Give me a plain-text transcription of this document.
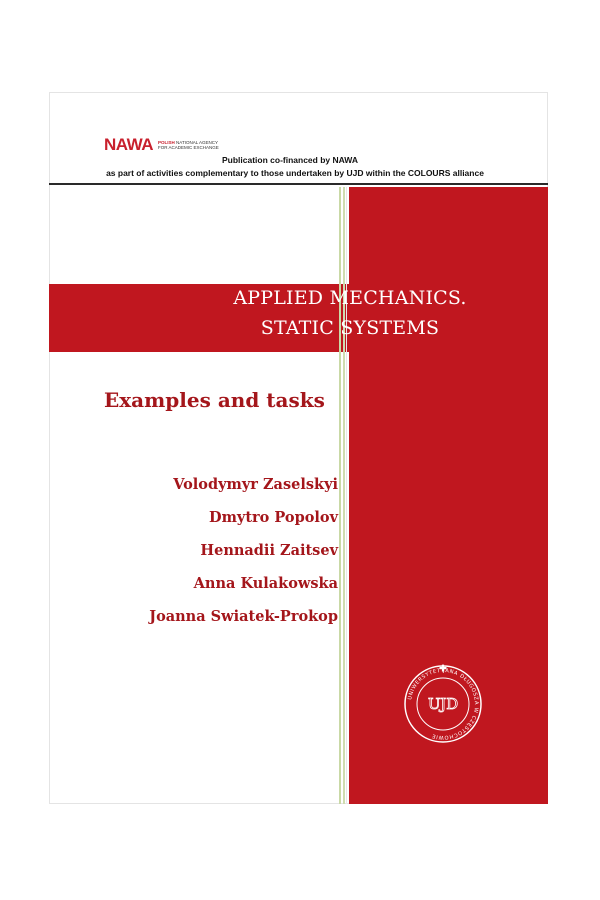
NAWA POLISH NATIONAL AGENCY
FOR ACADEMIC EXCHANGE
Publication co-financed by NAWA
as part of activities complementary to those undertaken by UJD within the COLOURS alliance
APPLIED MECHANICS.
STATIC SYSTEMS
Examples and tasks
Volodymyr Zaselskyi
Dmytro Popolov
Hennadii Zaitsev
Anna Kulakowska
Joanna Swiatek-Prokop
UNIWERSYTET JANA DŁUGOSZA W CZĘSTOCHOWIE
UJD
